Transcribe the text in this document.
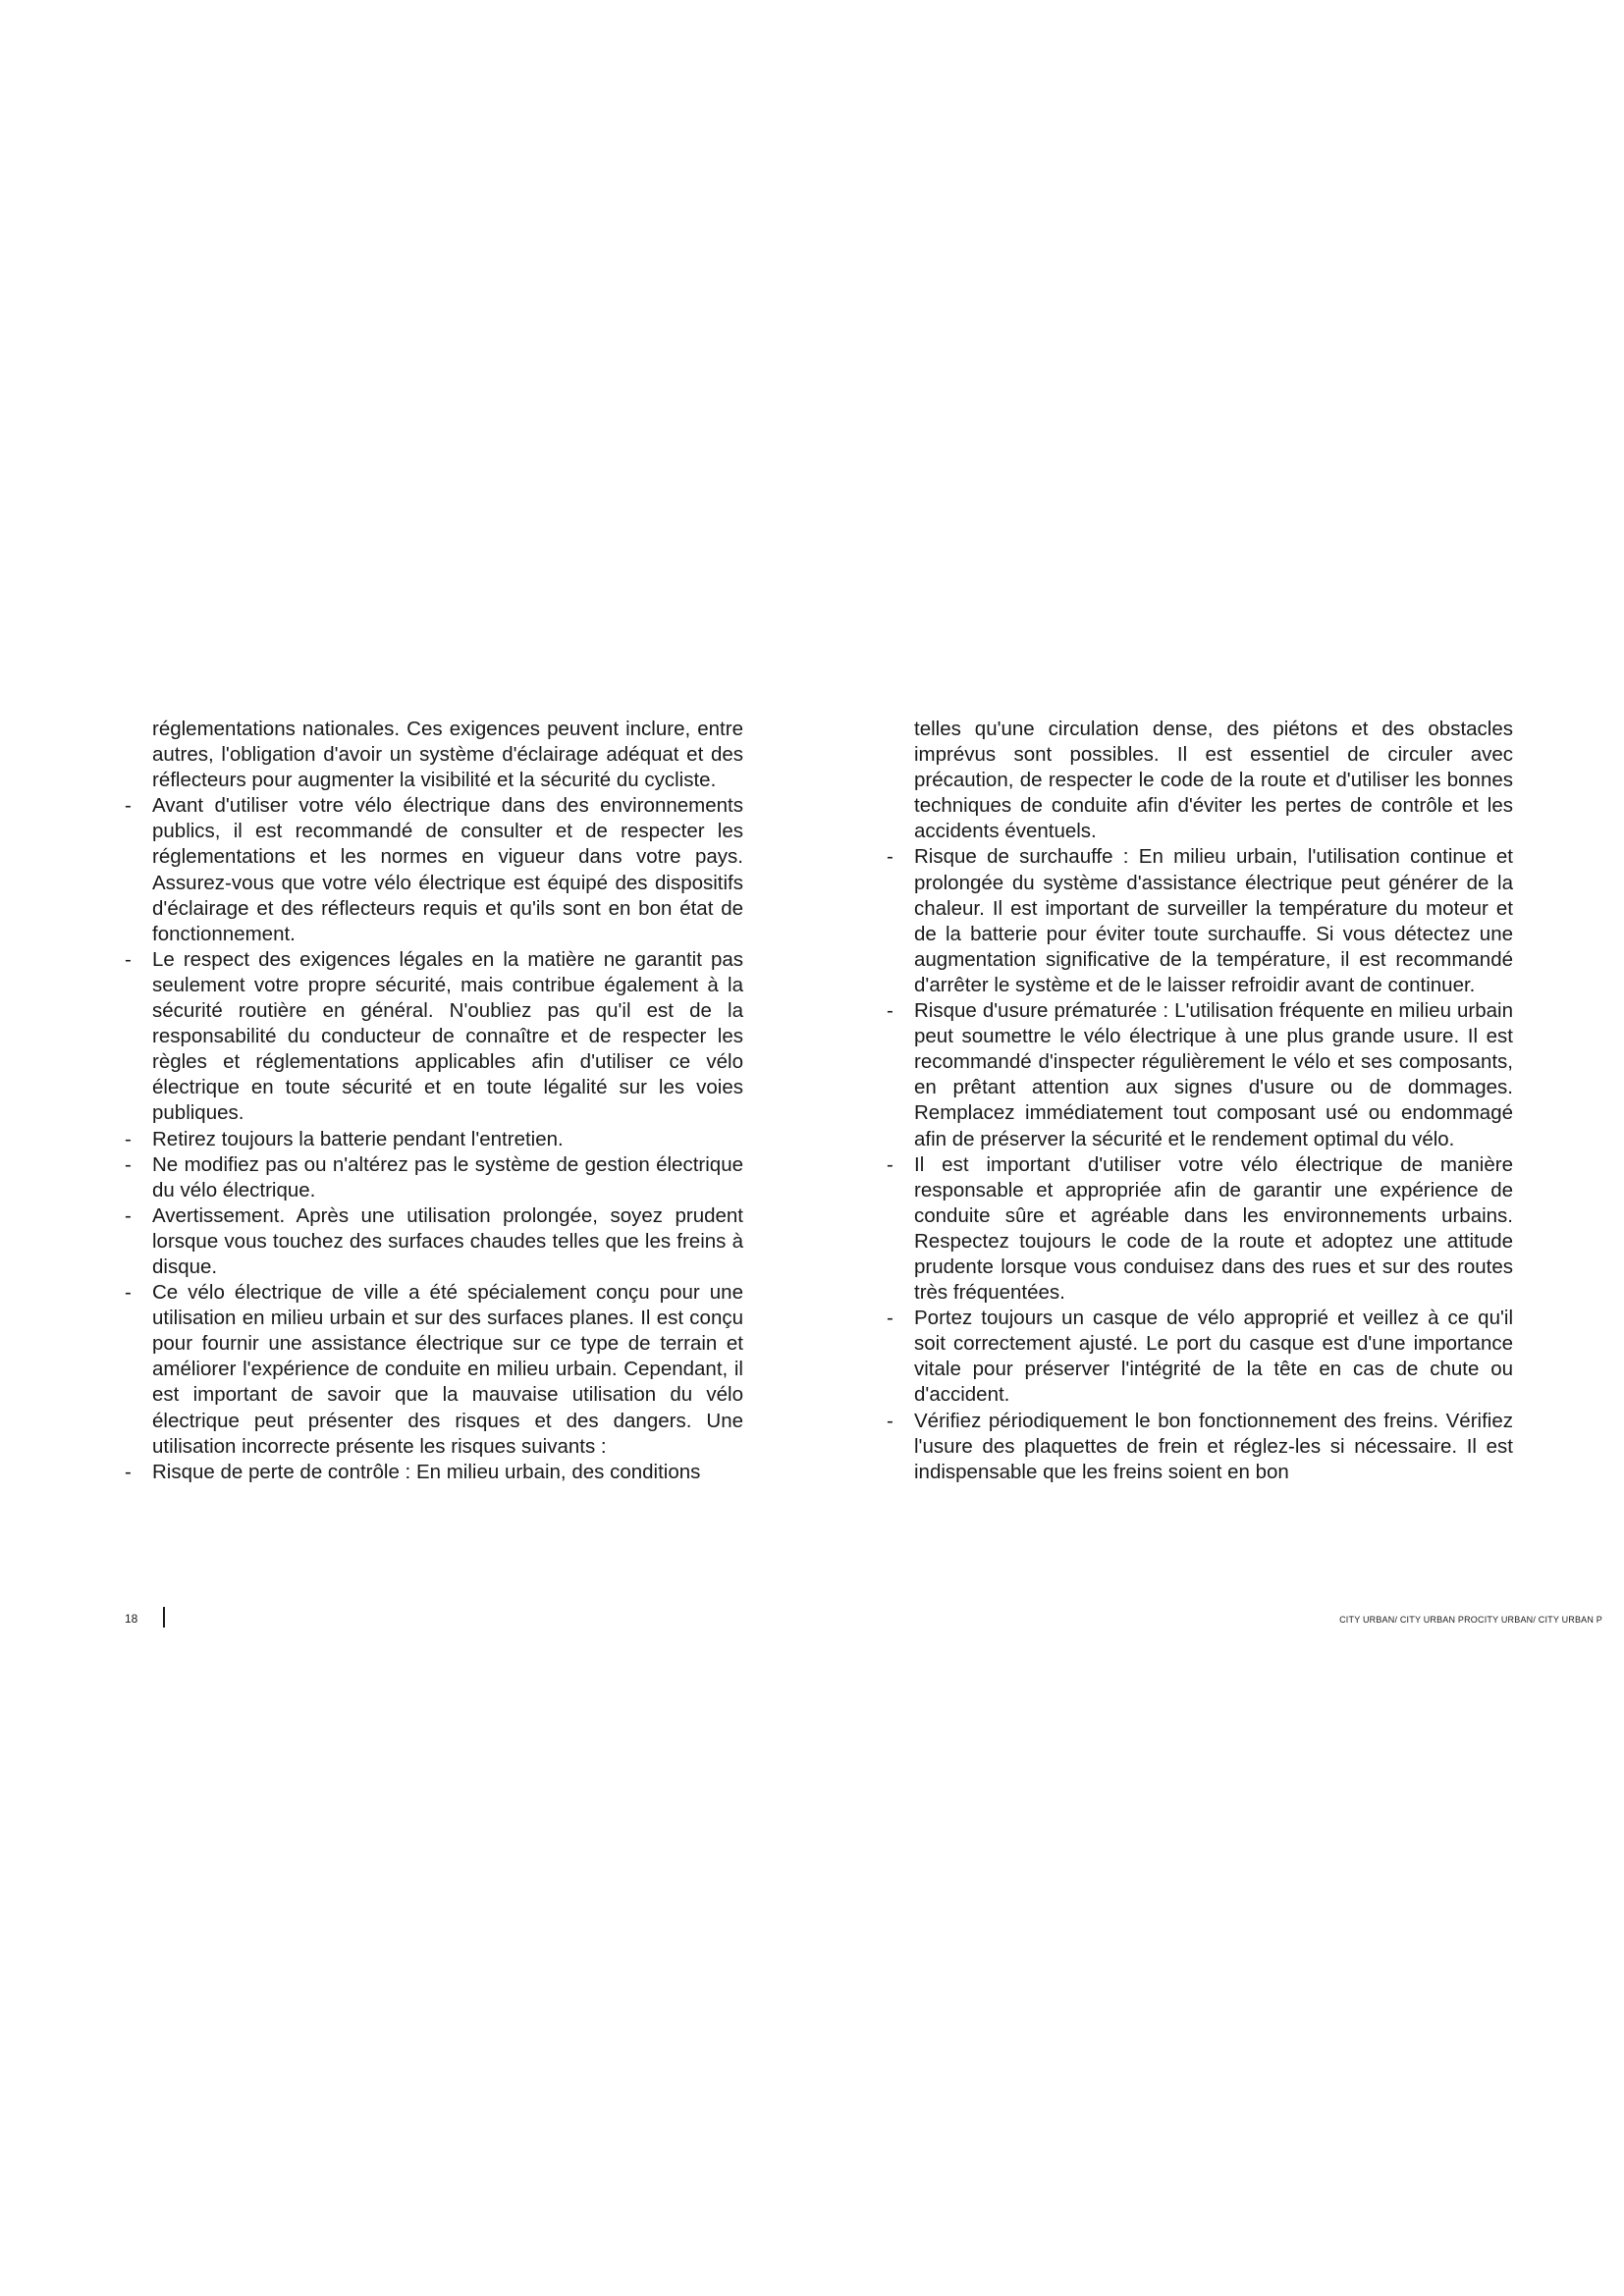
réglementations nationales. Ces exigences peuvent inclure, entre autres, l'obligation d'avoir un système d'éclairage adéquat et des réflecteurs pour augmenter la visibilité et la sécurité du cycliste.

- Avant d'utiliser votre vélo électrique dans des environnements publics, il est recommandé de consulter et de respecter les réglementations et les normes en vigueur dans votre pays. Assurez-vous que votre vélo électrique est équipé des dispositifs d'éclairage et des réflecteurs requis et qu'ils sont en bon état de fonctionnement.

- Le respect des exigences légales en la matière ne garantit pas seulement votre propre sécurité, mais contribue également à la sécurité routière en général. N'oubliez pas qu'il est de la responsabilité du conducteur de connaître et de respecter les règles et réglementations applicables afin d'utiliser ce vélo électrique en toute sécurité et en toute légalité sur les voies publiques.

- Retirez toujours la batterie pendant l'entretien.

- Ne modifiez pas ou n'altérez pas le système de gestion électrique du vélo électrique.

- Avertissement. Après une utilisation prolongée, soyez prudent lorsque vous touchez des surfaces chaudes telles que les freins à disque.

- Ce vélo électrique de ville a été spécialement conçu pour une utilisation en milieu urbain et sur des surfaces planes. Il est conçu pour fournir une assistance électrique sur ce type de terrain et améliorer l'expérience de conduite en milieu urbain. Cependant, il est important de savoir que la mauvaise utilisation du vélo électrique peut présenter des risques et des dangers. Une utilisation incorrecte présente les risques suivants :

- Risque de perte de contrôle : En milieu urbain, des conditions

telles qu'une circulation dense, des piétons et des obstacles imprévus sont possibles. Il est essentiel de circuler avec précaution, de respecter le code de la route et d'utiliser les bonnes techniques de conduite afin d'éviter les pertes de contrôle et les accidents éventuels.

- Risque de surchauffe : En milieu urbain, l'utilisation continue et prolongée du système d'assistance électrique peut générer de la chaleur. Il est important de surveiller la température du moteur et de la batterie pour éviter toute surchauffe. Si vous détectez une augmentation significative de la température, il est recommandé d'arrêter le système et de le laisser refroidir avant de continuer.

- Risque d'usure prématurée : L'utilisation fréquente en milieu urbain peut soumettre le vélo électrique à une plus grande usure. Il est recommandé d'inspecter régulièrement le vélo et ses composants, en prêtant attention aux signes d'usure ou de dommages. Remplacez immédiatement tout composant usé ou endommagé afin de préserver la sécurité et le rendement optimal du vélo.

- Il est important d'utiliser votre vélo électrique de manière responsable et appropriée afin de garantir une expérience de conduite sûre et agréable dans les environnements urbains. Respectez toujours le code de la route et adoptez une attitude prudente lorsque vous conduisez dans des rues et sur des routes très fréquentées.

- Portez toujours un casque de vélo approprié et veillez à ce qu'il soit correctement ajusté. Le port du casque est d'une importance vitale pour préserver l'intégrité de la tête en cas de chute ou d'accident.

- Vérifiez périodiquement le bon fonctionnement des freins. Vérifiez l'usure des plaquettes de frein et réglez-les si nécessaire. Il est indispensable que les freins soient en bon

18	CITY URBAN/ CITY URBAN PROCITY URBAN/ CITY URBAN P
